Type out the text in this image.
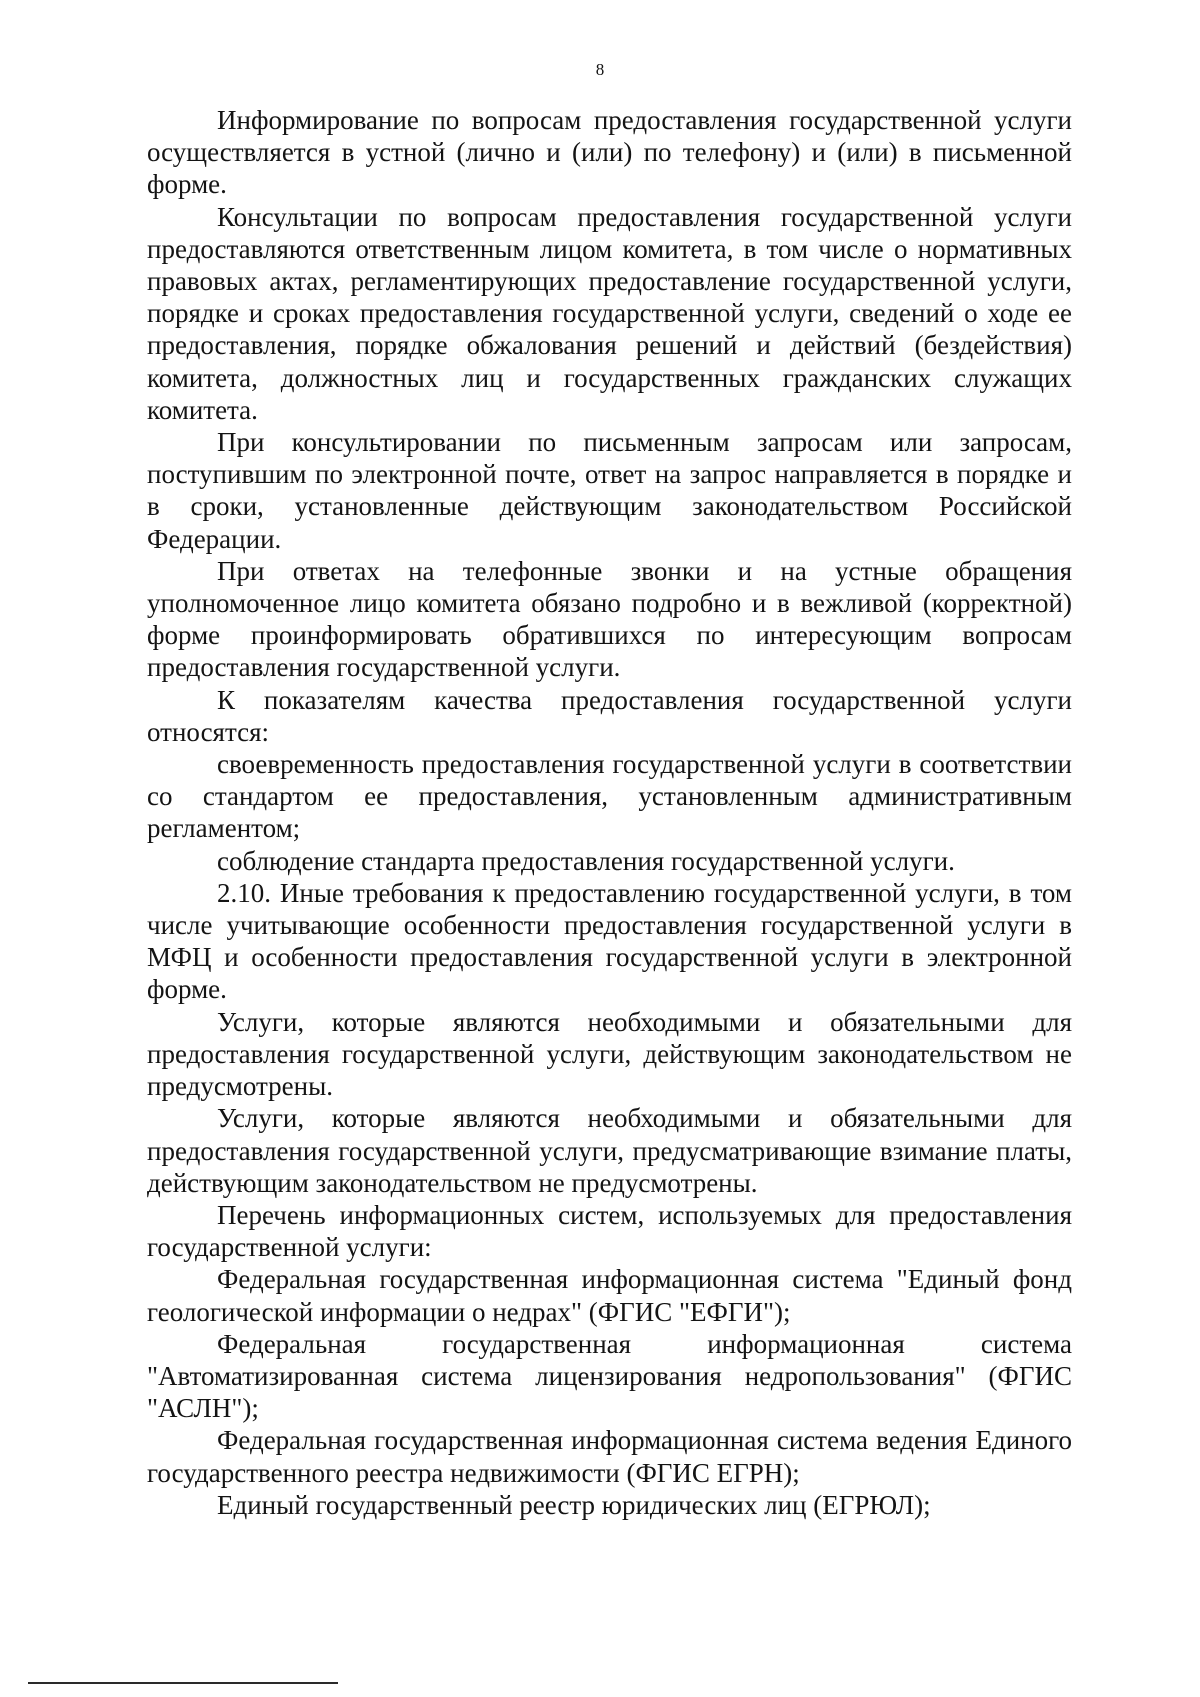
8

Информирование по вопросам предоставления государственной услуги осуществляется в устной (лично и (или) по телефону) и (или) в письменной форме.

Консультации по вопросам предоставления государственной услуги предоставляются ответственным лицом комитета, в том числе о нормативных правовых актах, регламентирующих предоставление государственной услуги, порядке и сроках предоставления государственной услуги, сведений о ходе ее предоставления, порядке обжалования решений и действий (бездействия) комитета, должностных лиц и государственных гражданских служащих комитета.

При консультировании по письменным запросам или запросам, поступившим по электронной почте, ответ на запрос направляется в порядке и в сроки, установленные действующим законодательством Российской Федерации.

При ответах на телефонные звонки и на устные обращения уполномоченное лицо комитета обязано подробно и в вежливой (корректной) форме проинформировать обратившихся по интересующим вопросам предоставления государственной услуги.

К показателям качества предоставления государственной услуги относятся:

своевременность предоставления государственной услуги в соответствии со стандартом ее предоставления, установленным административным регламентом;

соблюдение стандарта предоставления государственной услуги.

2.10. Иные требования к предоставлению государственной услуги, в том числе учитывающие особенности предоставления государственной услуги в МФЦ и особенности предоставления государственной услуги в электронной форме.

Услуги, которые являются необходимыми и обязательными для предоставления государственной услуги, действующим законодательством не предусмотрены.

Услуги, которые являются необходимыми и обязательными для предоставления государственной услуги, предусматривающие взимание платы, действующим законодательством не предусмотрены.

Перечень информационных систем, используемых для предоставления государственной услуги:

Федеральная государственная информационная система "Единый фонд геологической информации о недрах" (ФГИС "ЕФГИ");

Федеральная государственная информационная система "Автоматизированная система лицензирования недропользования" (ФГИС "АСЛН");

Федеральная государственная информационная система ведения Единого государственного реестра недвижимости (ФГИС ЕГРН);

Единый государственный реестр юридических лиц (ЕГРЮЛ);
